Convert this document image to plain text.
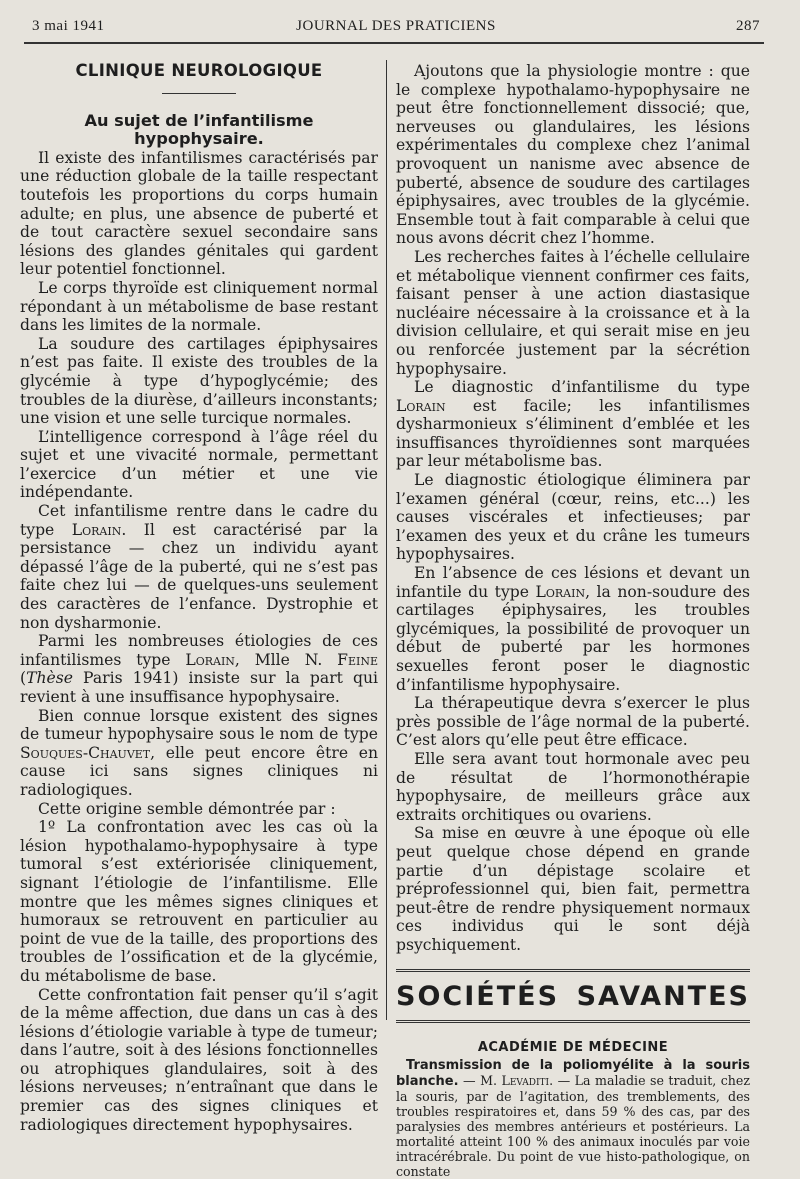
3 mai 1941	JOURNAL DES PRATICIENS	287

CLINIQUE NEUROLOGIQUE

Au sujet de l’infantilisme hypophysaire.

Il existe des infantilismes caractérisés par une réduction globale de la taille respectant toutefois les proportions du corps humain adulte; en plus, une absence de puberté et de tout caractère sexuel secondaire sans lésions des glandes génitales qui gardent leur potentiel fonctionnel.

Le corps thyroïde est cliniquement normal répondant à un métabolisme de base restant dans les limites de la normale.

La soudure des cartilages épiphysaires n’est pas faite. Il existe des troubles de la glycémie à type d’hypoglycémie; des troubles de la diurèse, d’ailleurs inconstants; une vision et une selle turcique normales.

L’intelligence correspond à l’âge réel du sujet et une vivacité normale, permettant l’exercice d’un métier et une vie indépendante.

Cet infantilisme rentre dans le cadre du type Lorain. Il est caractérisé par la persistance — chez un individu ayant dépassé l’âge de la puberté, qui ne s’est pas faite chez lui — de quelques-uns seulement des caractères de l’enfance. Dystrophie et non dysharmonie.

Parmi les nombreuses étiologies de ces infantilismes type Lorain, Mlle N. Feine (Thèse Paris 1941) insiste sur la part qui revient à une insuffisance hypophysaire.

Bien connue lorsque existent des signes de tumeur hypophysaire sous le nom de type Souques-Chauvet, elle peut encore être en cause ici sans signes cliniques ni radiologiques.

Cette origine semble démontrée par :

1º La confrontation avec les cas où la lésion hypothalamo-hypophysaire à type tumoral s’est extériorisée cliniquement, signant l’étiologie de l’infantilisme. Elle montre que les mêmes signes cliniques et humoraux se retrouvent en particulier au point de vue de la taille, des proportions des troubles de l’ossification et de la glycémie, du métabolisme de base.

Cette confrontation fait penser qu’il s’agit de la même affection, due dans un cas à des lésions d’étiologie variable à type de tumeur; dans l’autre, soit à des lésions fonctionnelles ou atrophiques glandulaires, soit à des lésions nerveuses; n’entraînant que dans le premier cas des signes cliniques et radiologiques directement hypophysaires.

Ajoutons que la physiologie montre : que le complexe hypothalamo-hypophysaire ne peut être fonctionnellement dissocié; que, nerveuses ou glandulaires, les lésions expérimentales du complexe chez l’animal provoquent un nanisme avec absence de puberté, absence de soudure des cartilages épiphysaires, avec troubles de la glycémie. Ensemble tout à fait comparable à celui que nous avons décrit chez l’homme.

Les recherches faites à l’échelle cellulaire et métabolique viennent confirmer ces faits, faisant penser à une action diastasique nucléaire nécessaire à la croissance et à la division cellulaire, et qui serait mise en jeu ou renforcée justement par la sécrétion hypophysaire.

Le diagnostic d’infantilisme du type Lorain est facile; les infantilismes dysharmonieux s’éliminent d’emblée et les insuffisances thyroïdiennes sont marquées par leur métabolisme bas.

Le diagnostic étiologique éliminera par l’examen général (cœur, reins, etc...) les causes viscérales et infectieuses; par l’examen des yeux et du crâne les tumeurs hypophysaires.

En l’absence de ces lésions et devant un infantile du type Lorain, la non-soudure des cartilages épiphysaires, les troubles glycémiques, la possibilité de provoquer un début de puberté par les hormones sexuelles feront poser le diagnostic d’infantilisme hypophysaire.

La thérapeutique devra s’exercer le plus près possible de l’âge normal de la puberté. C’est alors qu’elle peut être efficace.

Elle sera avant tout hormonale avec peu de résultat de l’hormonothérapie hypophysaire, de meilleurs grâce aux extraits orchitiques ou ovariens.

Sa mise en œuvre à une époque où elle peut quelque chose dépend en grande partie d’un dépistage scolaire et préprofessionnel qui, bien fait, permettra peut-être de rendre physiquement normaux ces individus qui le sont déjà psychiquement.

SOCIÉTÉS SAVANTES

ACADÉMIE DE MÉDECINE

Transmission de la poliomyélite à la souris blanche. — M. Levaditi. — La maladie se traduit, chez la souris, par de l’agitation, des tremblements, des troubles respiratoires et, dans 59 % des cas, par des paralysies des membres antérieurs et postérieurs. La mortalité atteint 100 % des animaux inoculés par voie intracérébrale. Du point de vue histo-pathologique, on constate
